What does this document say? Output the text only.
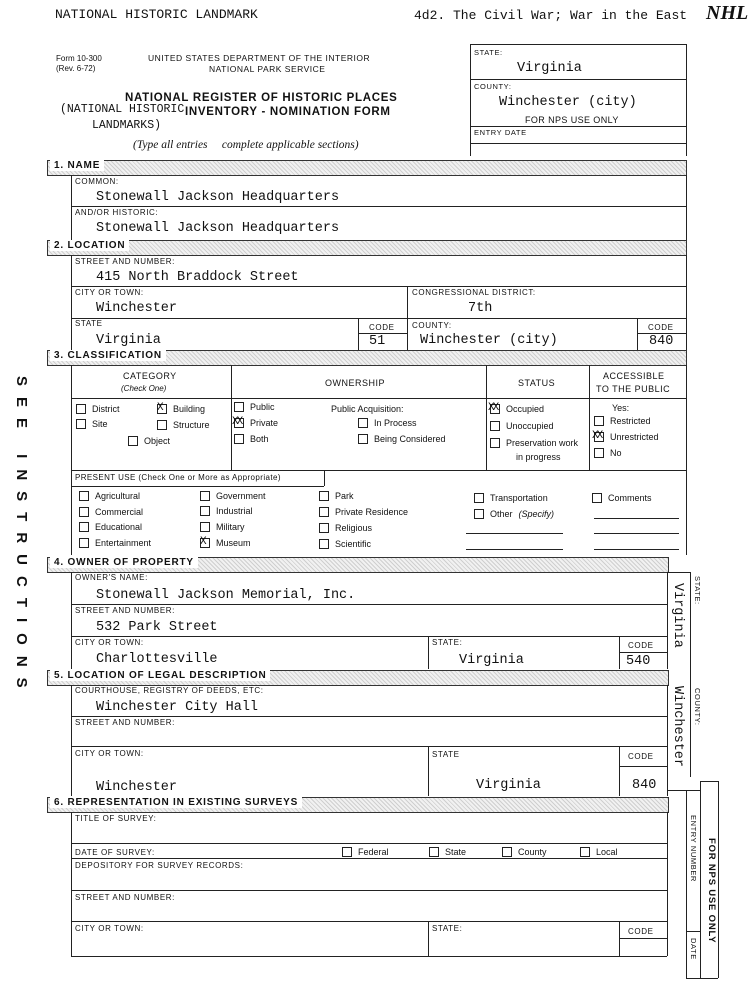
NATIONAL HISTORIC LANDMARK	4d2. The Civil War; War in the East NHL
Form 10-300
(Rev. 6-72)
UNITED STATES DEPARTMENT OF THE INTERIOR
NATIONAL PARK SERVICE
NATIONAL REGISTER OF HISTORIC PLACES
INVENTORY - NOMINATION FORM
(NATIONAL HISTORIC
LANDMARKS)
(Type all entries     complete applicable sections)
SEE INSTRUCTIONS
STATE:
Virginia
COUNTY:
Winchester (city)
FOR NPS USE ONLY
ENTRY DATE
1. NAME
COMMON:
Stonewall Jackson Headquarters
AND/OR HISTORIC:
Stonewall Jackson Headquarters
2. LOCATION
STREET AND NUMBER:
415 North Braddock Street
CITY OR TOWN:
Winchester
CONGRESSIONAL DISTRICT:
7th
STATE
Virginia
CODE
51
COUNTY:
Winchester (city)
CODE
840
3. CLASSIFICATION
CATEGORY
(Check One)
OWNERSHIP	STATUS
ACCESSIBLE
TO THE PUBLIC
District
X	Building
Site	Structure
Object
Public
XX
Private
Both
Public Acquisition:
In Process
Being Considered
XX
Occupied
Unoccupied
Preservation work
in progress
Yes:
Restricted
XX
Unrestricted
No
PRESENT USE (Check One or More as Appropriate)
Agricultural
Commercial
Educational
Entertainment
Government
Industrial
Military
X
Museum
Park
Private Residence
Religious
Scientific
Transportation
Other (Specify)
Comments
4. OWNER OF PROPERTY
OWNER'S NAME:
Stonewall Jackson Memorial, Inc.
STREET AND NUMBER:
532 Park Street
CITY OR TOWN:
Charlottesville
STATE:
Virginia
CODE
540
STATE:
Virginia
5. LOCATION OF LEGAL DESCRIPTION
COURTHOUSE, REGISTRY OF DEEDS, ETC:
Winchester City Hall
STREET AND NUMBER:
CITY OR TOWN:
Winchester
STATE
Virginia
CODE
840
COUNTY:
Winchester
6. REPRESENTATION IN EXISTING SURVEYS
TITLE OF SURVEY:
DATE OF SURVEY:	Federal	State	County	Local
DEPOSITORY FOR SURVEY RECORDS:
STREET AND NUMBER:
CITY OR TOWN:	STATE:	CODE
ENTRY NUMBER
DATE
FOR NPS USE ONLY
